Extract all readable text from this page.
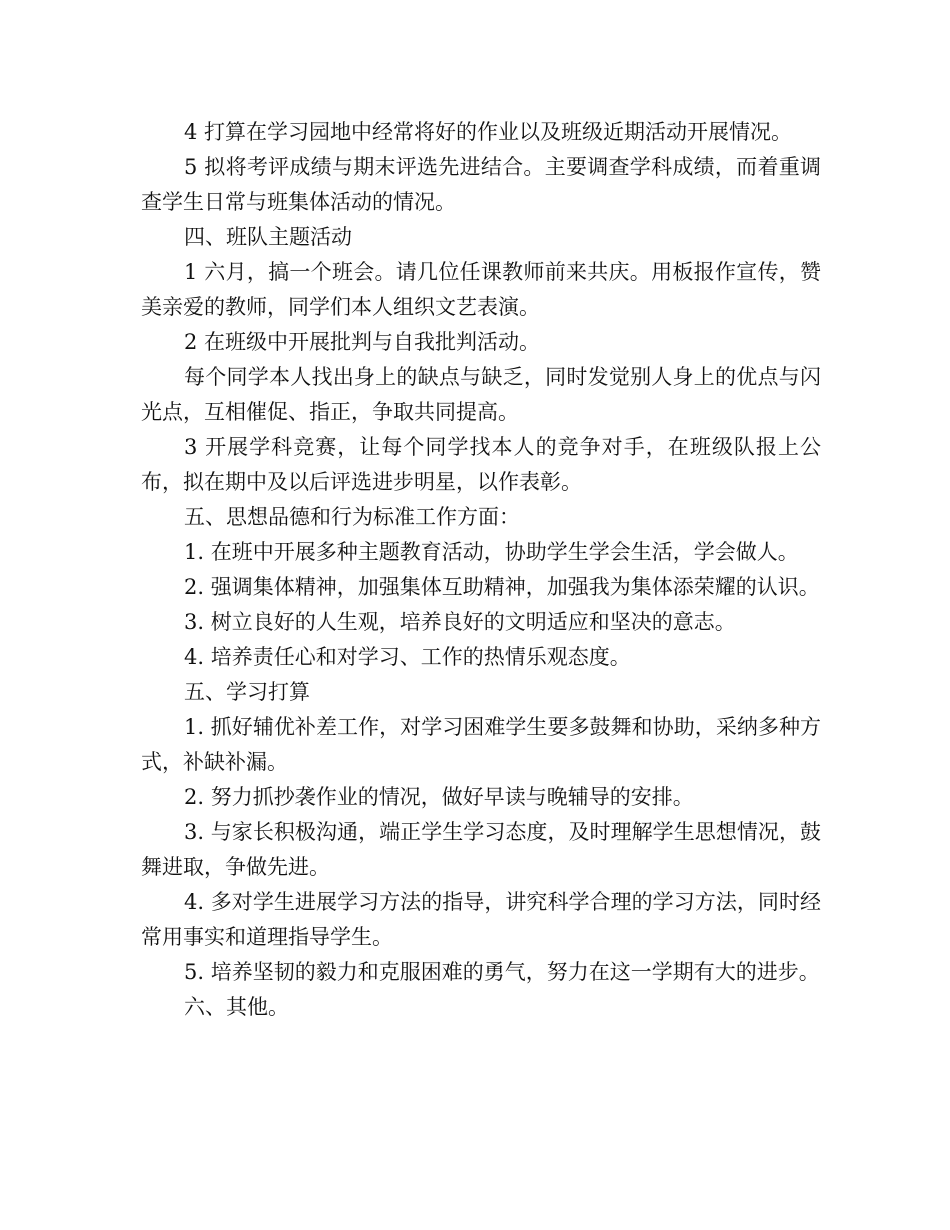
4 打算在学习园地中经常将好的作业以及班级近期活动开展情况。

5 拟将考评成绩与期末评选先进结合。主要调查学科成绩，而着重调查学生日常与班集体活动的情况。

四、班队主题活动

1 六月，搞一个班会。请几位任课教师前来共庆。用板报作宣传，赞美亲爱的教师，同学们本人组织文艺表演。

2 在班级中开展批判与自我批判活动。

每个同学本人找出身上的缺点与缺乏，同时发觉别人身上的优点与闪光点，互相催促、指正，争取共同提高。

3 开展学科竞赛，让每个同学找本人的竞争对手，在班级队报上公布，拟在期中及以后评选进步明星，以作表彰。

五、思想品德和行为标准工作方面：

1. 在班中开展多种主题教育活动，协助学生学会生活，学会做人。

2. 强调集体精神，加强集体互助精神，加强我为集体添荣耀的认识。

3. 树立良好的人生观，培养良好的文明适应和坚决的意志。

4. 培养责任心和对学习、工作的热情乐观态度。

五、学习打算

1. 抓好辅优补差工作，对学习困难学生要多鼓舞和协助，采纳多种方式，补缺补漏。

2. 努力抓抄袭作业的情况，做好早读与晚辅导的安排。

3. 与家长积极沟通，端正学生学习态度，及时理解学生思想情况，鼓舞进取，争做先进。

4. 多对学生进展学习方法的指导，讲究科学合理的学习方法，同时经常用事实和道理指导学生。

5. 培养坚韧的毅力和克服困难的勇气，努力在这一学期有大的进步。

六、其他。
